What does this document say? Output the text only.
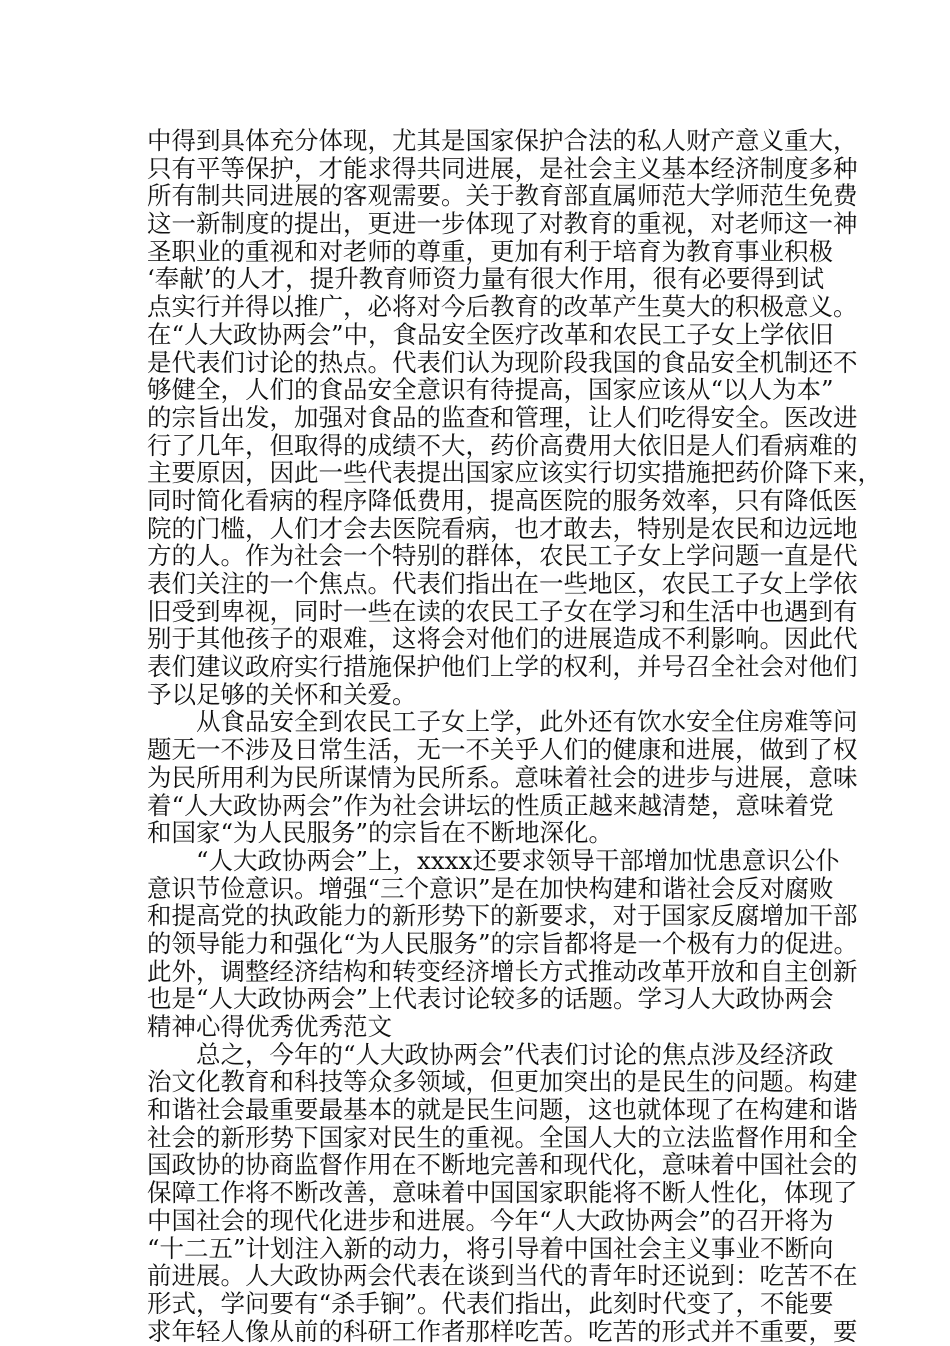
中得到具体充分体现，尤其是国家保护合法的私人财产意义重大，
只有平等保护，才能求得共同进展，是社会主义基本经济制度多种
所有制共同进展的客观需要。关于教育部直属师范大学师范生免费
这一新制度的提出，更进一步体现了对教育的重视，对老师这一神
圣职业的重视和对老师的尊重，更加有利于培育为教育事业积极
‘奉献’的人才，提升教育师资力量有很大作用，很有必要得到试
点实行并得以推广，必将对今后教育的改革产生莫大的积极意义。
在“人大政协两会”中，食品安全医疗改革和农民工子女上学依旧
是代表们讨论的热点。代表们认为现阶段我国的食品安全机制还不
够健全，人们的食品安全意识有待提高，国家应该从“以人为本”
的宗旨出发，加强对食品的监查和管理，让人们吃得安全。医改进
行了几年，但取得的成绩不大，药价高费用大依旧是人们看病难的
主要原因，因此一些代表提出国家应该实行切实措施把药价降下来，
同时简化看病的程序降低费用，提高医院的服务效率，只有降低医
院的门槛，人们才会去医院看病，也才敢去，特别是农民和边远地
方的人。作为社会一个特别的群体，农民工子女上学问题一直是代
表们关注的一个焦点。代表们指出在一些地区，农民工子女上学依
旧受到卑视，同时一些在读的农民工子女在学习和生活中也遇到有
别于其他孩子的艰难，这将会对他们的进展造成不利影响。因此代
表们建议政府实行措施保护他们上学的权利，并号召全社会对他们
予以足够的关怀和关爱。
　　从食品安全到农民工子女上学，此外还有饮水安全住房难等问
题无一不涉及日常生活，无一不关乎人们的健康和进展，做到了权
为民所用利为民所谋情为民所系。意味着社会的进步与进展，意味
着“人大政协两会”作为社会讲坛的性质正越来越清楚，意味着党
和国家“为人民服务”的宗旨在不断地深化。
　　“人大政协两会”上，xxxx还要求领导干部增加忧患意识公仆
意识节俭意识。增强“三个意识”是在加快构建和谐社会反对腐败
和提高党的执政能力的新形势下的新要求，对于国家反腐增加干部
的领导能力和强化“为人民服务”的宗旨都将是一个极有力的促进。
此外，调整经济结构和转变经济增长方式推动改革开放和自主创新
也是“人大政协两会”上代表讨论较多的话题。学习人大政协两会
精神心得优秀优秀范文
　　总之，今年的“人大政协两会”代表们讨论的焦点涉及经济政
治文化教育和科技等众多领域，但更加突出的是民生的问题。构建
和谐社会最重要最基本的就是民生问题，这也就体现了在构建和谐
社会的新形势下国家对民生的重视。全国人大的立法监督作用和全
国政协的协商监督作用在不断地完善和现代化，意味着中国社会的
保障工作将不断改善，意味着中国国家职能将不断人性化，体现了
中国社会的现代化进步和进展。今年“人大政协两会”的召开将为
“十二五”计划注入新的动力，将引导着中国社会主义事业不断向
前进展。人大政协两会代表在谈到当代的青年时还说到：吃苦不在
形式，学问要有“杀手锏”。代表们指出，此刻时代变了，不能要
求年轻人像从前的科研工作者那样吃苦。吃苦的形式并不重要，要
